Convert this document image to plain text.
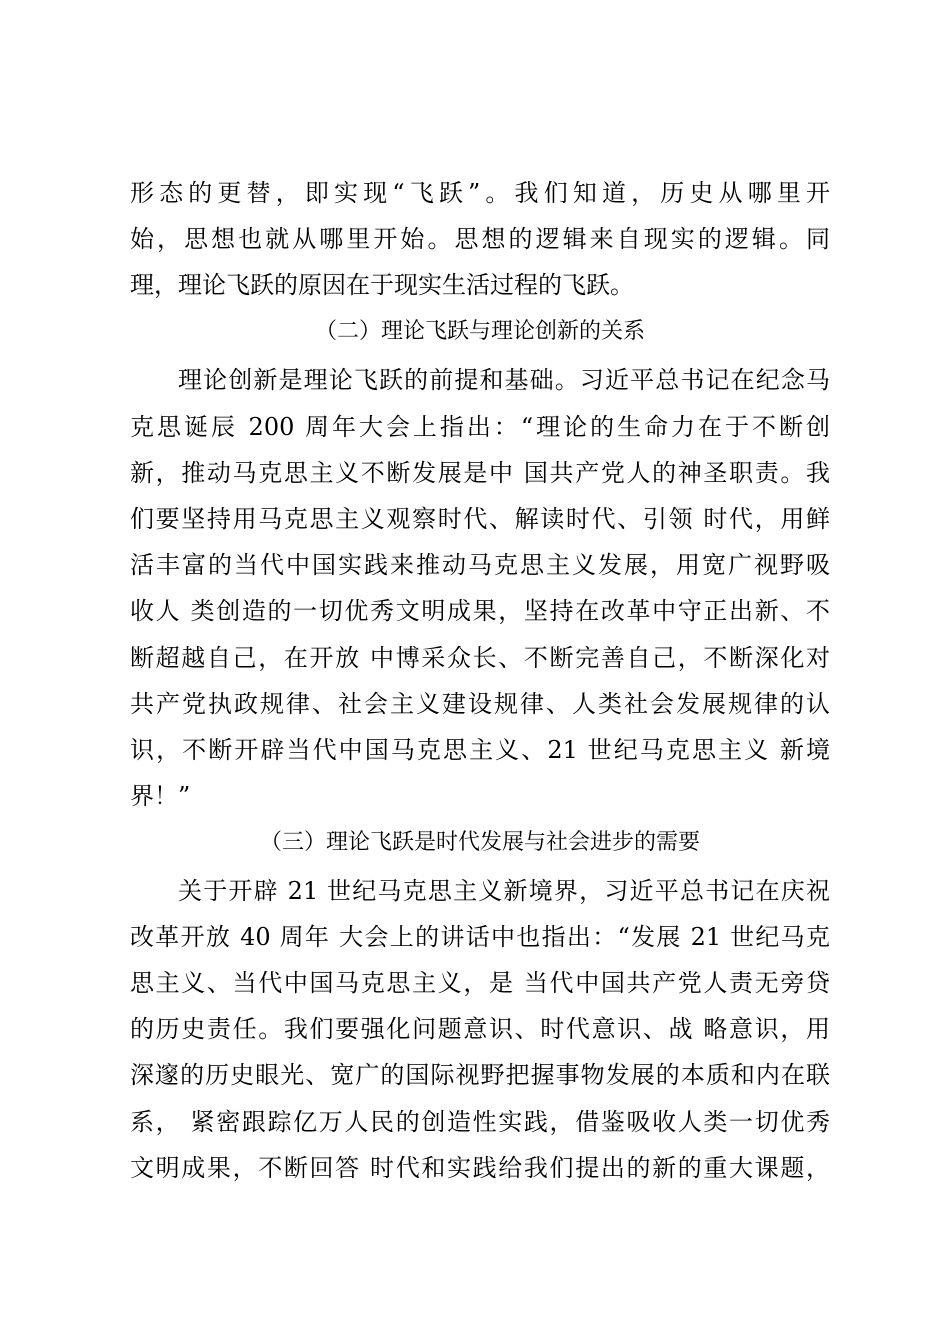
形态的更替，即实现“飞跃”。我们知道，历史从哪里开
始，思想也就从哪里开始。思想的逻辑来自现实的逻辑。同
理，理论飞跃的原因在于现实生活过程的飞跃。
（二）理论飞跃与理论创新的关系
理论创新是理论飞跃的前提和基础。习近平总书记在纪念马
克思诞辰 200 周年大会上指出：“理论的生命力在于不断创
新，推动马克思主义不断发展是中 国共产党人的神圣职责。我
们要坚持用马克思主义观察时代、解读时代、引领 时代，用鲜
活丰富的当代中国实践来推动马克思主义发展，用宽广视野吸
收人 类创造的一切优秀文明成果，坚持在改革中守正出新、不
断超越自己，在开放 中博采众长、不断完善自己，不断深化对
共产党执政规律、社会主义建设规律、人类社会发展规律的认
识，不断开辟当代中国马克思主义、21 世纪马克思主义 新境
界！”
（三）理论飞跃是时代发展与社会进步的需要
关于开辟 21 世纪马克思主义新境界，习近平总书记在庆祝
改革开放 40 周年 大会上的讲话中也指出：“发展 21 世纪马克
思主义、当代中国马克思主义，是 当代中国共产党人责无旁贷
的历史责任。我们要强化问题意识、时代意识、战 略意识，用
深邃的历史眼光、宽广的国际视野把握事物发展的本质和内在联
系， 紧密跟踪亿万人民的创造性实践，借鉴吸收人类一切优秀
文明成果，不断回答 时代和实践给我们提出的新的重大课题，
